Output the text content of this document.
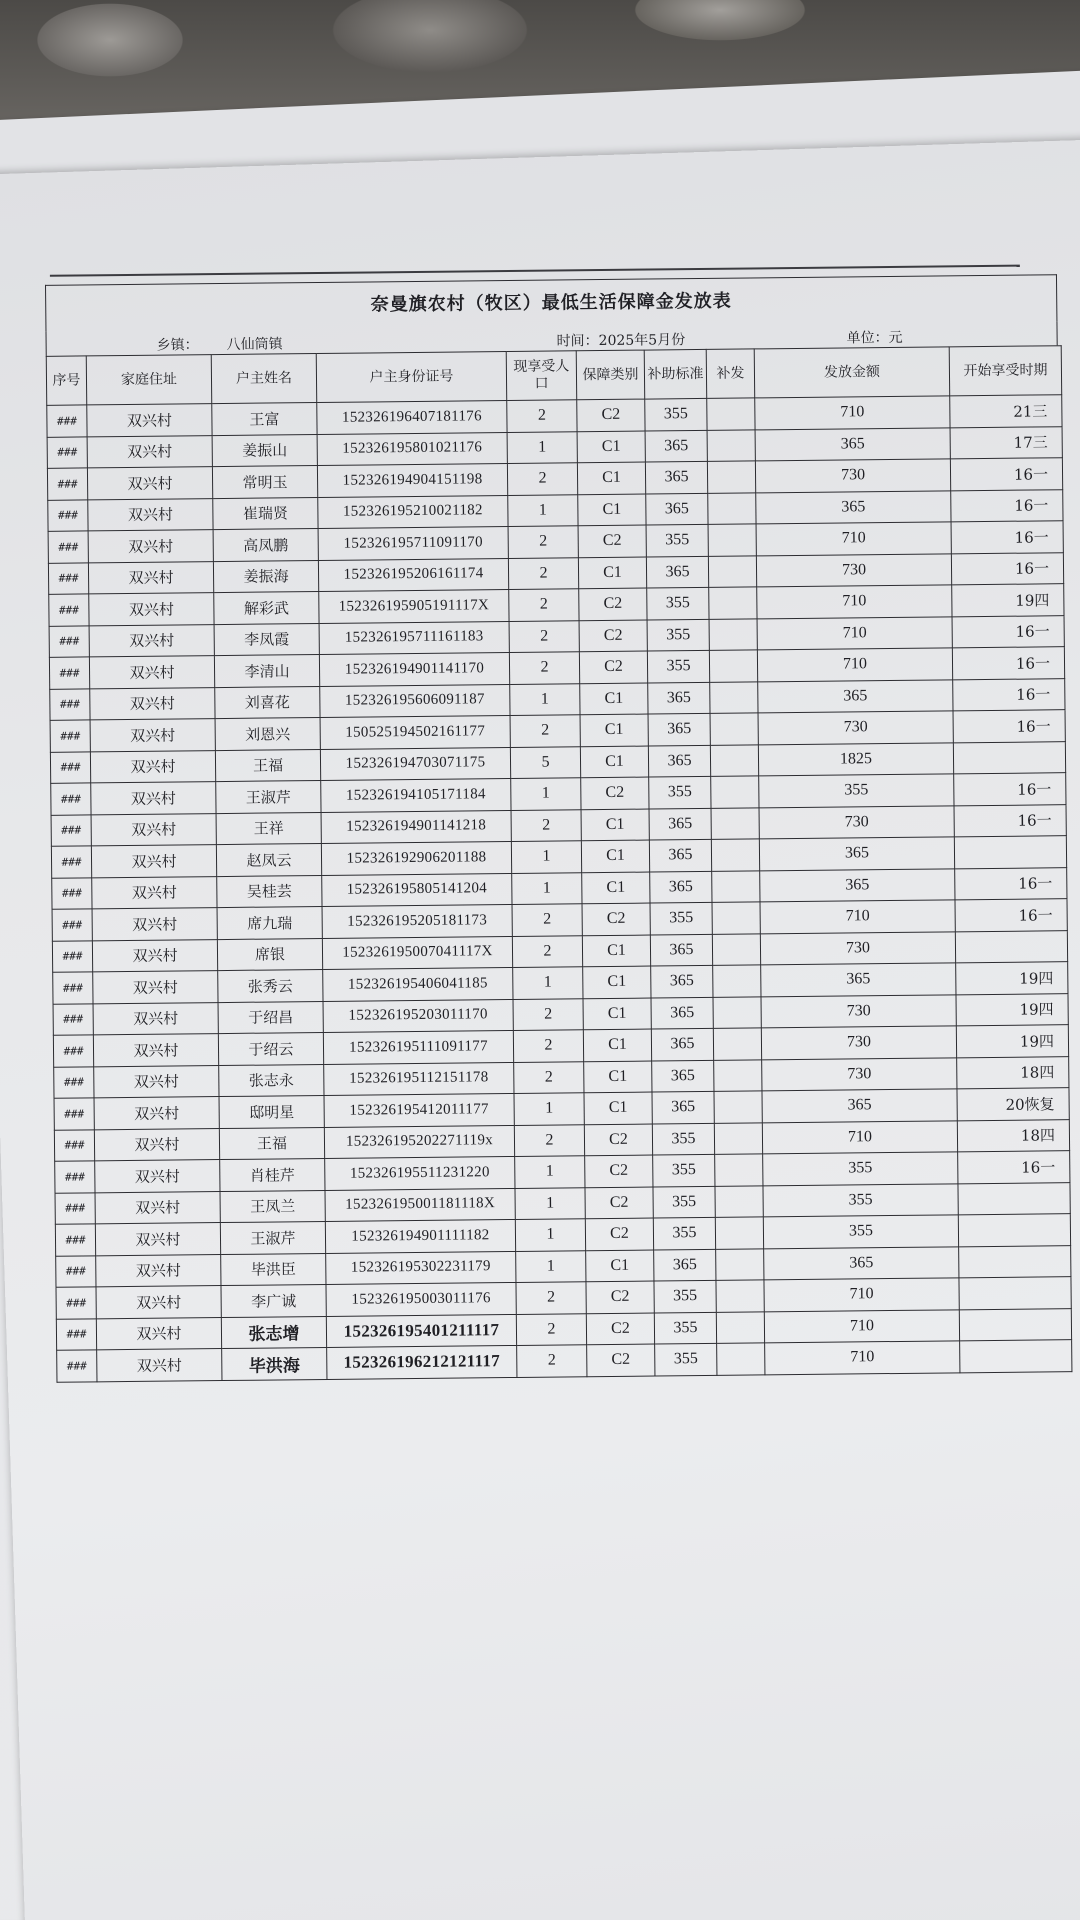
奈曼旗农村（牧区）最低生活保障金发放表
乡镇： 八仙筒镇	时间：2025年5月份	单位：元
序号	家庭住址	户主姓名	户主身份证号	现享受人口	保障类别	补助标准	补发	发放金额	开始享受时期
###	双兴村	王富	152326196407181176	2	C2	355		710	21三
###	双兴村	姜振山	152326195801021176	1	C1	365		365	17三
###	双兴村	常明玉	152326194904151198	2	C1	365		730	16一
###	双兴村	崔瑞贤	152326195210021182	1	C1	365		365	16一
###	双兴村	高凤鹏	152326195711091170	2	C2	355		710	16一
###	双兴村	姜振海	152326195206161174	2	C1	365		730	16一
###	双兴村	解彩武	152326195905191117X	2	C2	355		710	19四
###	双兴村	李凤霞	152326195711161183	2	C2	355		710	16一
###	双兴村	李清山	152326194901141170	2	C2	355		710	16一
###	双兴村	刘喜花	152326195606091187	1	C1	365		365	16一
###	双兴村	刘恩兴	150525194502161177	2	C1	365		730	16一
###	双兴村	王福	152326194703071175	5	C1	365		1825	
###	双兴村	王淑芹	152326194105171184	1	C2	355		355	16一
###	双兴村	王祥	152326194901141218	2	C1	365		730	16一
###	双兴村	赵凤云	152326192906201188	1	C1	365		365	
###	双兴村	吴桂芸	152326195805141204	1	C1	365		365	16一
###	双兴村	席九瑞	152326195205181173	2	C2	355		710	16一
###	双兴村	席银	152326195007041117X	2	C1	365		730	
###	双兴村	张秀云	152326195406041185	1	C1	365		365	19四
###	双兴村	于绍昌	152326195203011170	2	C1	365		730	19四
###	双兴村	于绍云	152326195111091177	2	C1	365		730	19四
###	双兴村	张志永	152326195112151178	2	C1	365		730	18四
###	双兴村	邸明星	152326195412011177	1	C1	365		365	20恢复
###	双兴村	王福	152326195202271119x	2	C2	355		710	18四
###	双兴村	肖桂芹	152326195511231220	1	C2	355		355	16一
###	双兴村	王凤兰	152326195001181118X	1	C2	355		355	
###	双兴村	王淑芹	152326194901111182	1	C2	355		355	
###	双兴村	毕洪臣	152326195302231179	1	C1	365		365	
###	双兴村	李广诚	152326195003011176	2	C2	355		710	
###	双兴村	张志增	152326195401211117	2	C2	355		710	
###	双兴村	毕洪海	152326196212121117	2	C2	355		710	
